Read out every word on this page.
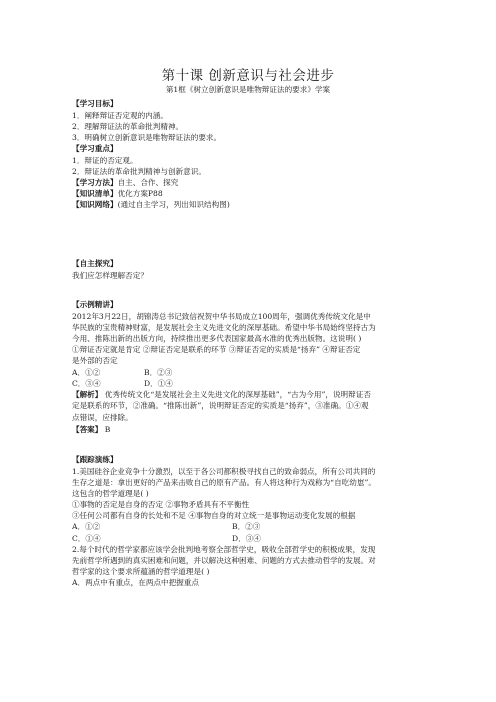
第十课 创新意识与社会进步
第1框《树立创新意识是唯物辩证法的要求》学案
【学习目标】
1．阐释辩证否定观的内涵。
2．理解辩证法的革命批判精神。
3．明确树立创新意识是唯物辩证法的要求。
【学习重点】
1．辩证的否定观。
2．辩证法的革命批判精神与创新意识。
【学习方法】自主、合作、探究
【知识清单】优化方案P88
【知识网络】(通过自主学习，列出知识结构图)
【自主探究】
我们应怎样理解否定？
【示例精讲】
2012年3月22日，胡锦涛总书记致信祝贺中华书局成立100周年，强调优秀传统文化是中
华民族的宝贵精神财富，是发展社会主义先进文化的深厚基础。希望中华书局始终坚持古为
今用、推陈出新的出版方向，持续推出更多代表国家最高水准的优秀出版物。这说明( )
①辩证否定就是肯定 ②辩证否定是联系的环节 ③辩证否定的实质是“扬弃” ④辩证否定
是外部的否定
A．①②	B．②③
C．③④	D．①④
【解析】 优秀传统文化“是发展社会主义先进文化的深厚基础”，“古为今用”，说明辩证否
定是联系的环节，②准确。“推陈出新”，说明辩证否定的实质是“扬弃”，③准确。①④观
点错误，应排除。
【答案】 B
【跟踪演练】
1.美国硅谷企业竞争十分激烈，以至于各公司都积极寻找自己的致命弱点，所有公司共同的
生存之道是：拿出更好的产品来击败自己的原有产品。有人将这种行为戏称为“自吃幼崽”。
这包含的哲学道理是( )
①事物的否定是自身的否定 ②事物矛盾具有不平衡性
③任何公司都有自身的长处和不足 ④事物自身的对立统一是事物运动变化发展的根据
A．①②	B．②③
C．①④	D．③④
2.每个时代的哲学家都应该学会批判地考察全部哲学史，吸收全部哲学史的积极成果，发现
先前哲学所遇到的真实困难和问题，并以解决这种困难、问题的方式去推动哲学的发展。对
哲学家的这个要求所蕴涵的哲学道理是( )
A．两点中有重点，在两点中把握重点
